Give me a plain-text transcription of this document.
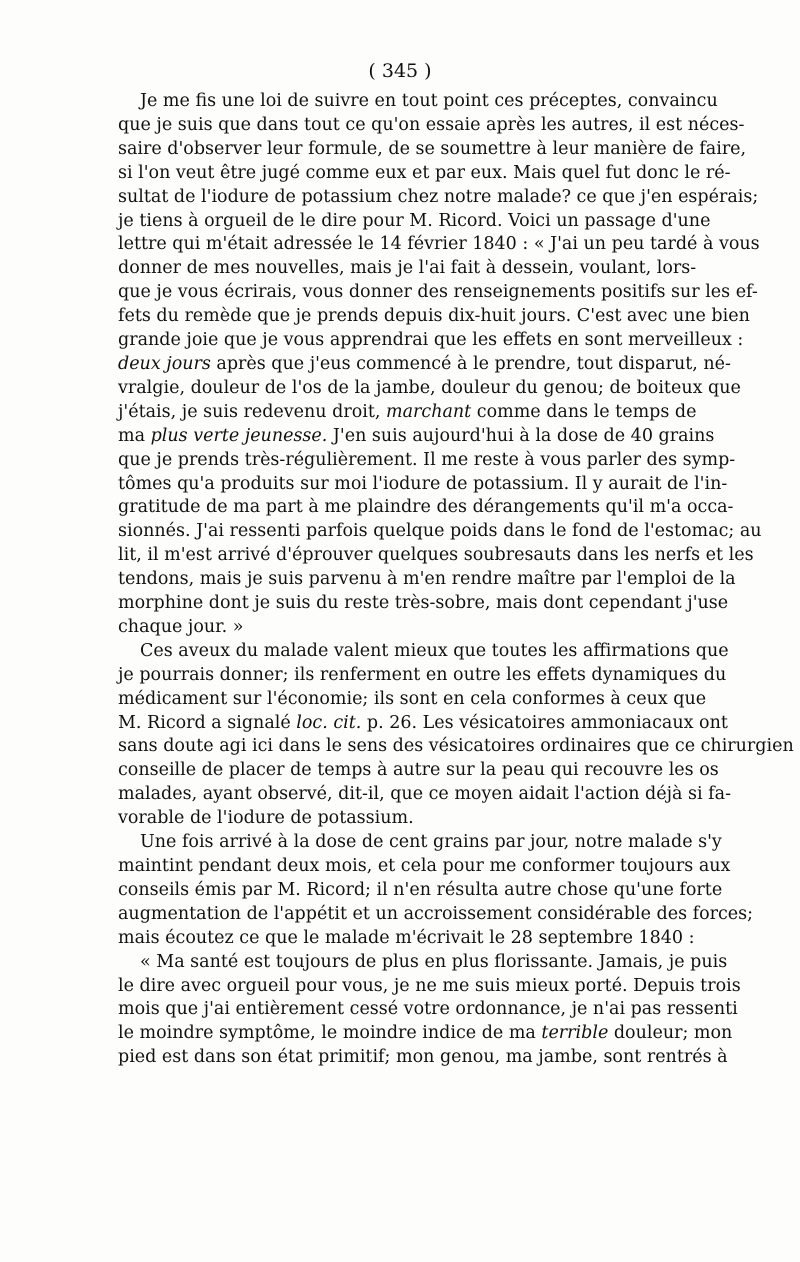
( 345 )
Je me fis une loi de suivre en tout point ces préceptes, convaincu
que je suis que dans tout ce qu'on essaie après les autres, il est néces-
saire d'observer leur formule, de se soumettre à leur manière de faire,
si l'on veut être jugé comme eux et par eux. Mais quel fut donc le ré-
sultat de l'iodure de potassium chez notre malade? ce que j'en espérais;
je tiens à orgueil de le dire pour M. Ricord. Voici un passage d'une
lettre qui m'était adressée le 14 février 1840 : « J'ai un peu tardé à vous
donner de mes nouvelles, mais je l'ai fait à dessein, voulant, lors-
que je vous écrirais, vous donner des renseignements positifs sur les ef-
fets du remède que je prends depuis dix-huit jours. C'est avec une bien
grande joie que je vous apprendrai que les effets en sont merveilleux :
deux jours après que j'eus commencé à le prendre, tout disparut, né-
vralgie, douleur de l'os de la jambe, douleur du genou; de boiteux que
j'étais, je suis redevenu droit, marchant comme dans le temps de
ma plus verte jeunesse. J'en suis aujourd'hui à la dose de 40 grains
que je prends très-régulièrement. Il me reste à vous parler des symp-
tômes qu'a produits sur moi l'iodure de potassium. Il y aurait de l'in-
gratitude de ma part à me plaindre des dérangements qu'il m'a occa-
sionnés. J'ai ressenti parfois quelque poids dans le fond de l'estomac; au
lit, il m'est arrivé d'éprouver quelques soubresauts dans les nerfs et les
tendons, mais je suis parvenu à m'en rendre maître par l'emploi de la
morphine dont je suis du reste très-sobre, mais dont cependant j'use
chaque jour. »
Ces aveux du malade valent mieux que toutes les affirmations que
je pourrais donner; ils renferment en outre les effets dynamiques du
médicament sur l'économie; ils sont en cela conformes à ceux que
M. Ricord a signalé loc. cit. p. 26. Les vésicatoires ammoniacaux ont
sans doute agi ici dans le sens des vésicatoires ordinaires que ce chirurgien
conseille de placer de temps à autre sur la peau qui recouvre les os
malades, ayant observé, dit-il, que ce moyen aidait l'action déjà si fa-
vorable de l'iodure de potassium.
Une fois arrivé à la dose de cent grains par jour, notre malade s'y
maintint pendant deux mois, et cela pour me conformer toujours aux
conseils émis par M. Ricord; il n'en résulta autre chose qu'une forte
augmentation de l'appétit et un accroissement considérable des forces;
mais écoutez ce que le malade m'écrivait le 28 septembre 1840 :
« Ma santé est toujours de plus en plus florissante. Jamais, je puis
le dire avec orgueil pour vous, je ne me suis mieux porté. Depuis trois
mois que j'ai entièrement cessé votre ordonnance, je n'ai pas ressenti
le moindre symptôme, le moindre indice de ma terrible douleur; mon
pied est dans son état primitif; mon genou, ma jambe, sont rentrés à
